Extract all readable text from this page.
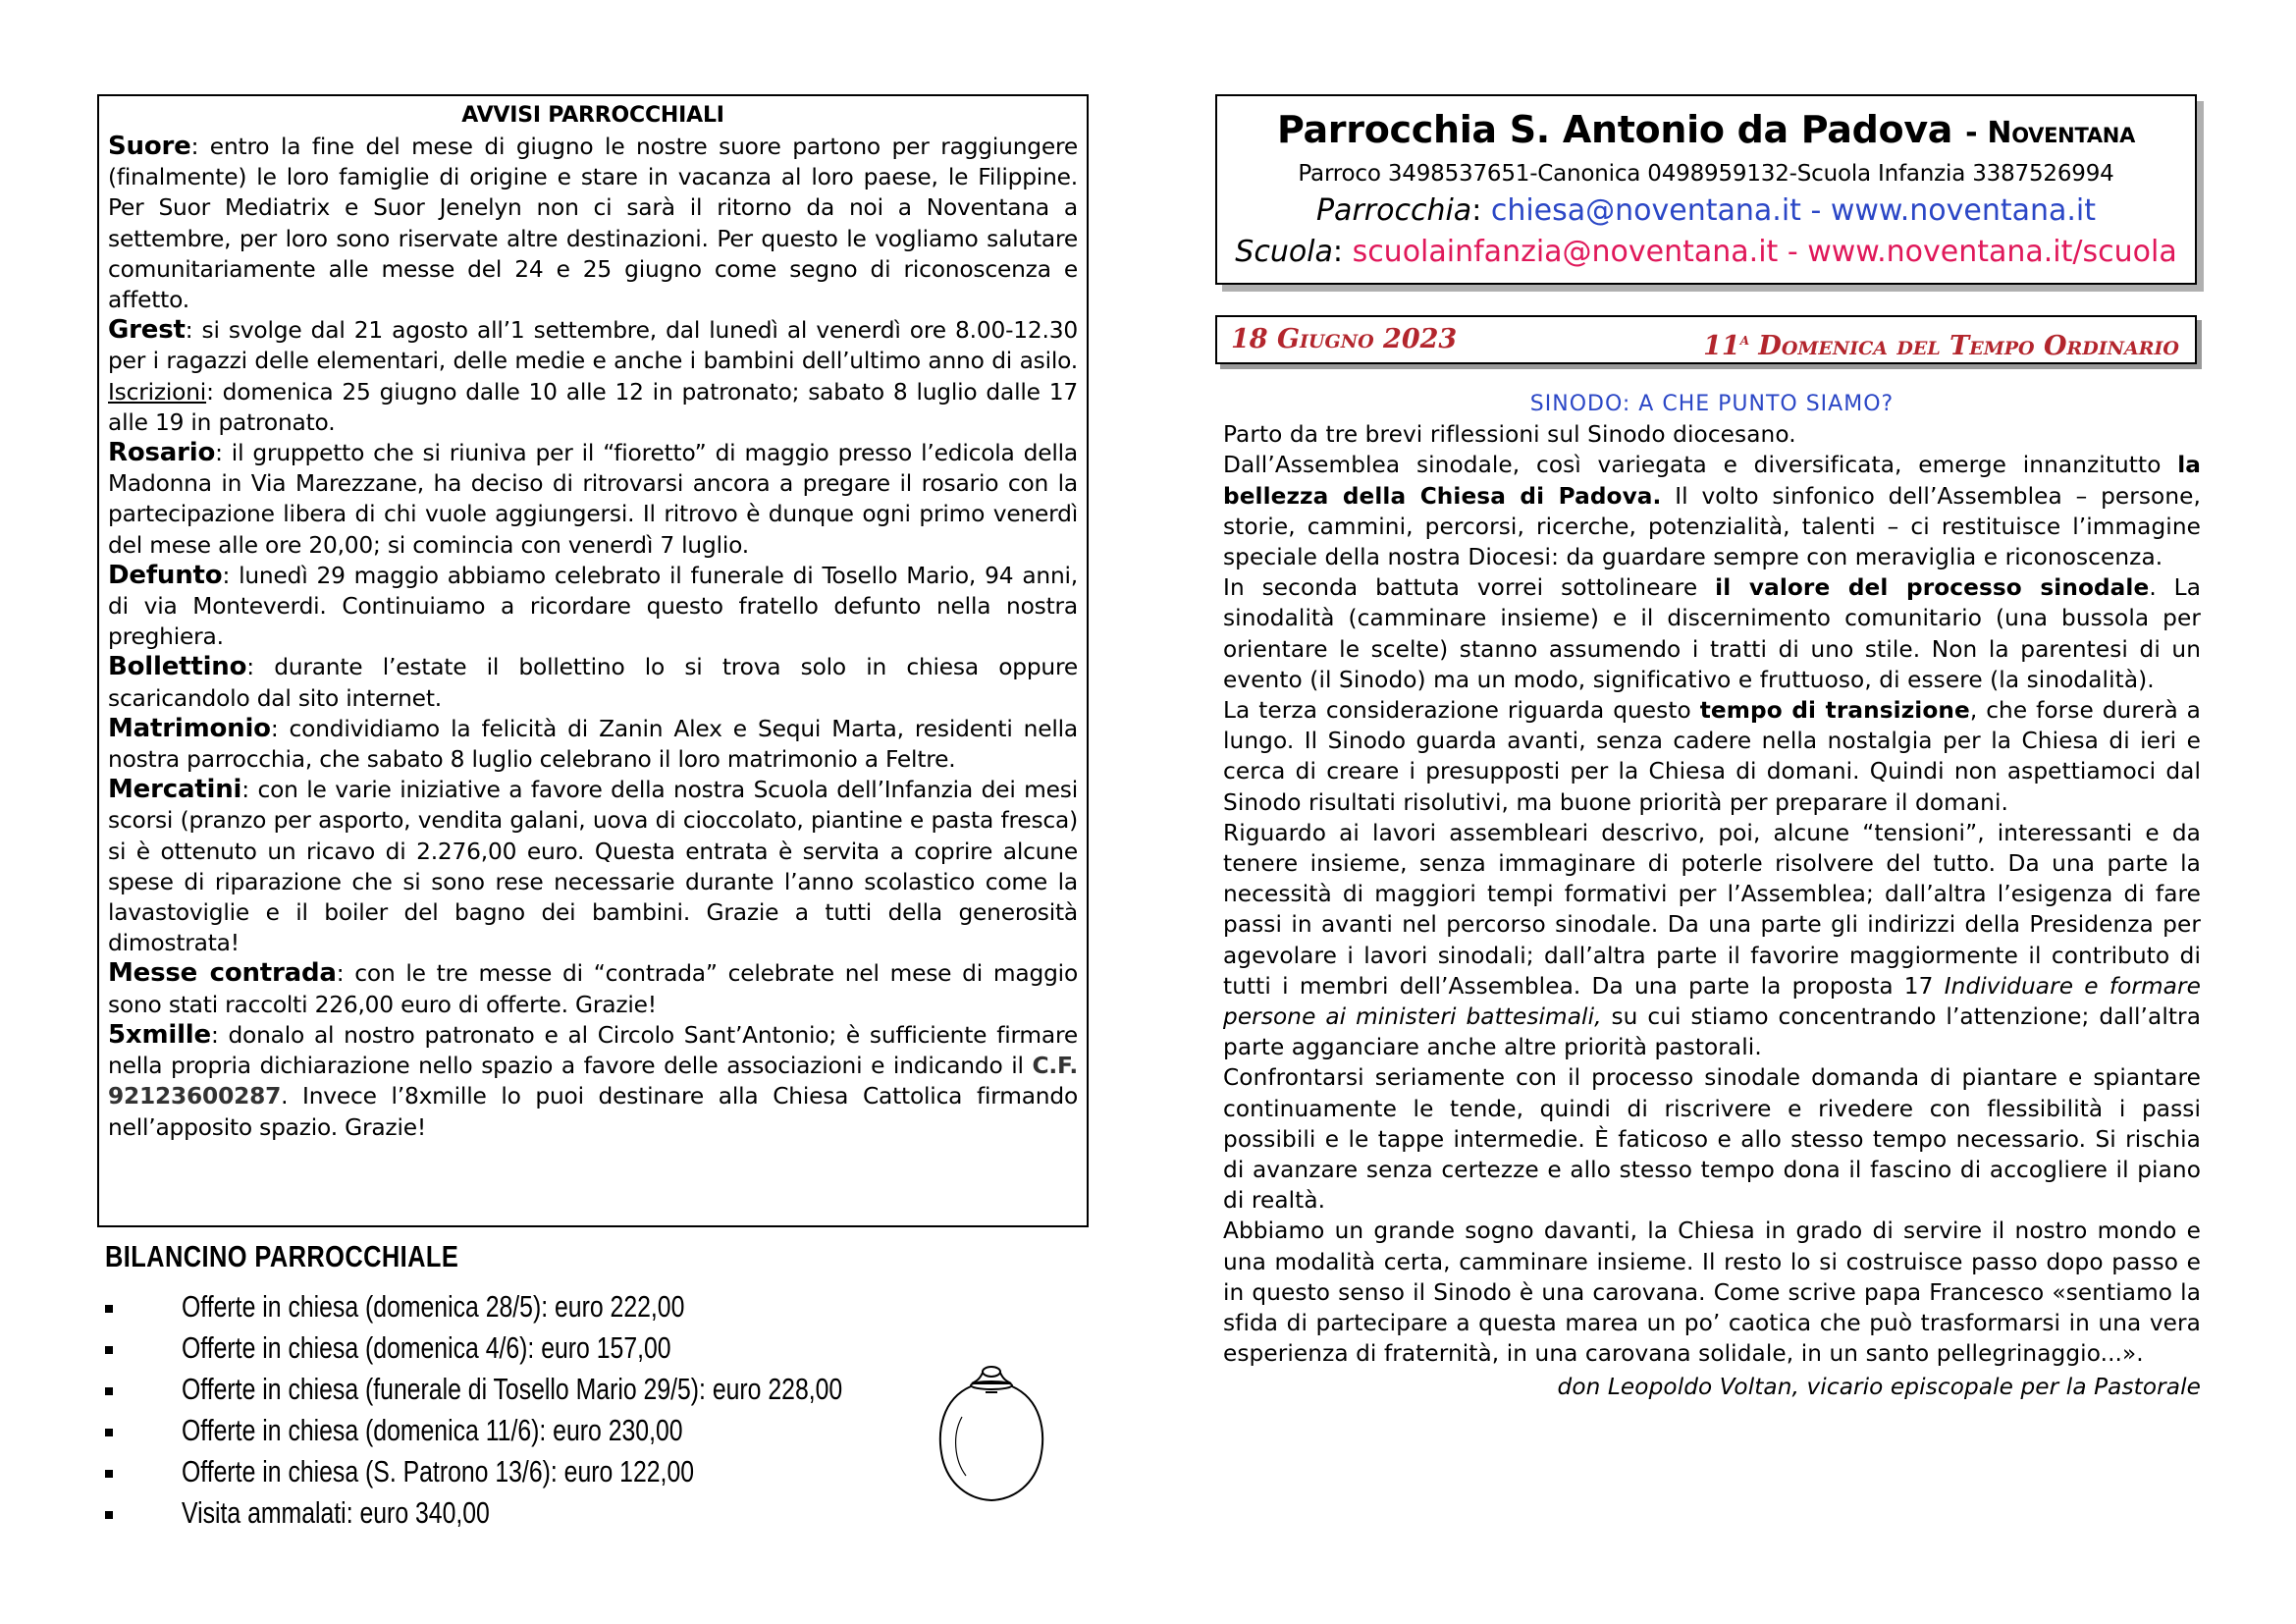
AVVISI PARROCCHIALI

Suore: entro la fine del mese di giugno le nostre suore partono per raggiungere (finalmente) le loro famiglie di origine e stare in vacanza al loro paese, le Filippine. Per Suor Mediatrix e Suor Jenelyn non ci sarà il ritorno da noi a Noventana a settembre, per loro sono riservate altre destinazioni. Per questo le vogliamo salutare comunitariamente alle messe del 24 e 25 giugno come segno di riconoscenza e affetto.

Grest: si svolge dal 21 agosto all’1 settembre, dal lunedì al venerdì ore 8.00-12.30 per i ragazzi delle elementari, delle medie e anche i bambini dell’ultimo anno di asilo. Iscrizioni: domenica 25 giugno dalle 10 alle 12 in patronato; sabato 8 luglio dalle 17 alle 19 in patronato.

Rosario: il gruppetto che si riuniva per il “fioretto” di maggio presso l’edicola della Madonna in Via Marezzane, ha deciso di ritrovarsi ancora a pregare il rosario con la partecipazione libera di chi vuole aggiungersi. Il ritrovo è dunque ogni primo venerdì del mese alle ore 20,00; si comincia con venerdì 7 luglio.

Defunto: lunedì 29 maggio abbiamo celebrato il funerale di Tosello Mario, 94 anni, di via Monteverdi. Continuiamo a ricordare questo fratello defunto nella nostra preghiera.

Bollettino: durante l’estate il bollettino lo si trova solo in chiesa oppure scaricandolo dal sito internet.

Matrimonio: condividiamo la felicità di Zanin Alex e Sequi Marta, residenti nella nostra parrocchia, che sabato 8 luglio celebrano il loro matrimonio a Feltre.

Mercatini: con le varie iniziative a favore della nostra Scuola dell’Infanzia dei mesi scorsi (pranzo per asporto, vendita galani, uova di cioccolato, piantine e pasta fresca) si è ottenuto un ricavo di 2.276,00 euro. Questa entrata è servita a coprire alcune spese di riparazione che si sono rese necessarie durante l’anno scolastico come la lavastoviglie e il boiler del bagno dei bambini. Grazie a tutti della generosità dimostrata!

Messe contrada: con le tre messe di “contrada” celebrate nel mese di maggio sono stati raccolti 226,00 euro di offerte. Grazie!

5xmille: donalo al nostro patronato e al Circolo Sant’Antonio; è sufficiente firmare nella propria dichiarazione nello spazio a favore delle associazioni e indicando il C.F. 92123600287. Invece l’8xmille lo puoi destinare alla Chiesa Cattolica firmando nell’apposito spazio. Grazie!

BILANCINO PARROCCHIALE
Offerte in chiesa (domenica 28/5): euro 222,00
Offerte in chiesa (domenica 4/6): euro 157,00
Offerte in chiesa (funerale di Tosello Mario 29/5): euro 228,00
Offerte in chiesa (domenica 11/6): euro 230,00
Offerte in chiesa (S. Patrono 13/6): euro 122,00
Visita ammalati: euro 340,00
Parrocchia S. Antonio da Padova - Noventana
Parroco 3498537651-Canonica 0498959132-Scuola Infanzia 3387526994
Parrocchia: chiesa@noventana.it - www.noventana.it
Scuola: scuolainfanzia@noventana.it - www.noventana.it/scuola
18 Giugno 2023	11$^a$ Domenica del Tempo Ordinario
SINODO: A CHE PUNTO SIAMO?

Parto da tre brevi riflessioni sul Sinodo diocesano.

Dall’Assemblea sinodale, così variegata e diversificata, emerge innanzitutto la bellezza della Chiesa di Padova. Il volto sinfonico dell’Assemblea – persone, storie, cammini, percorsi, ricerche, potenzialità, talenti – ci restituisce l’immagine speciale della nostra Diocesi: da guardare sempre con meraviglia e riconoscenza.

In seconda battuta vorrei sottolineare il valore del processo sinodale. La sinodalità (camminare insieme) e il discernimento comunitario (una bussola per orientare le scelte) stanno assumendo i tratti di uno stile. Non la parentesi di un evento (il Sinodo) ma un modo, significativo e fruttuoso, di essere (la sinodalità).

La terza considerazione riguarda questo tempo di transizione, che forse durerà a lungo. Il Sinodo guarda avanti, senza cadere nella nostalgia per la Chiesa di ieri e cerca di creare i presupposti per la Chiesa di domani. Quindi non aspettiamoci dal Sinodo risultati risolutivi, ma buone priorità per preparare il domani.

Riguardo ai lavori assembleari descrivo, poi, alcune “tensioni”, interessanti e da tenere insieme, senza immaginare di poterle risolvere del tutto. Da una parte la necessità di maggiori tempi formativi per l’Assemblea; dall’altra l’esigenza di fare passi in avanti nel percorso sinodale. Da una parte gli indirizzi della Presidenza per agevolare i lavori sinodali; dall’altra parte il favorire maggiormente il contributo di tutti i membri dell’Assemblea. Da una parte la proposta 17 Individuare e formare persone ai ministeri battesimali, su cui stiamo concentrando l’attenzione; dall’altra parte agganciare anche altre priorità pastorali.

Confrontarsi seriamente con il processo sinodale domanda di piantare e spiantare continuamente le tende, quindi di riscrivere e rivedere con flessibilità i passi possibili e le tappe intermedie. È faticoso e allo stesso tempo necessario. Si rischia di avanzare senza certezze e allo stesso tempo dona il fascino di accogliere il piano di realtà.

Abbiamo un grande sogno davanti, la Chiesa in grado di servire il nostro mondo e una modalità certa, camminare insieme. Il resto lo si costruisce passo dopo passo e in questo senso il Sinodo è una carovana. Come scrive papa Francesco «sentiamo la sfida di partecipare a questa marea un po’ caotica che può trasformarsi in una vera esperienza di fraternità, in una carovana solidale, in un santo pellegrinaggio...».

don Leopoldo Voltan, vicario episcopale per la Pastorale
